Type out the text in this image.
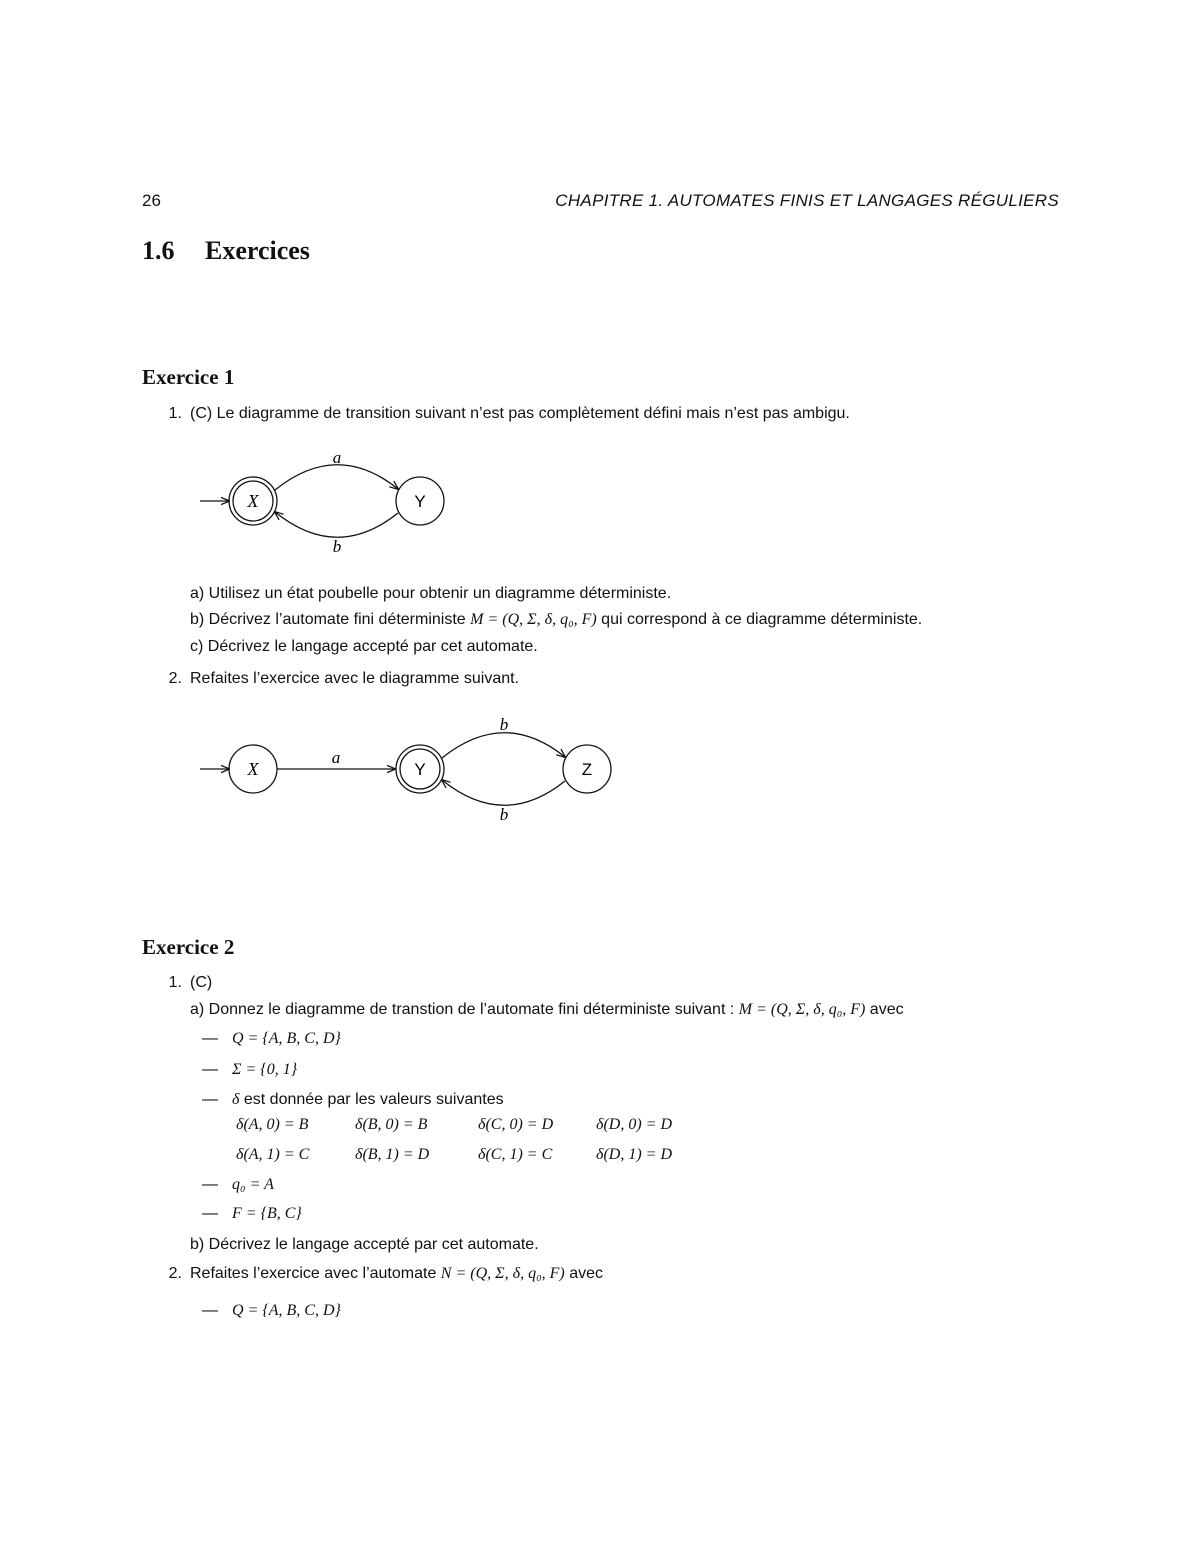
26	CHAPITRE 1. AUTOMATES FINIS ET LANGAGES RÉGULIERS
1.6 Exercices
Exercice 1
1. (C) Le diagramme de transition suivant n’est pas complètement défini mais n’est pas ambigu.
X	Y
a
b
a) Utilisez un état poubelle pour obtenir un diagramme déterministe.
b) Décrivez l’automate fini déterministe M = (Q, Σ, δ, q₀, F) qui correspond à ce diagramme déterministe.
c) Décrivez le langage accepté par cet automate.
2. Refaites l’exercice avec le diagramme suivant.
X	Y	Z
a
b
b
Exercice 2
1. (C)
a) Donnez le diagramme de transtion de l’automate fini déterministe suivant : M = (Q, Σ, δ, q₀, F) avec
— Q = {A, B, C, D}
— Σ = {0, 1}
— δ est donnée par les valeurs suivantes
δ(A, 0) = B	δ(B, 0) = B	δ(C, 0) = D	δ(D, 0) = D
δ(A, 1) = C	δ(B, 1) = D	δ(C, 1) = C	δ(D, 1) = D
— q₀ = A
— F = {B, C}
b) Décrivez le langage accepté par cet automate.
2. Refaites l’exercice avec l’automate N = (Q, Σ, δ, q₀, F) avec
— Q = {A, B, C, D}
